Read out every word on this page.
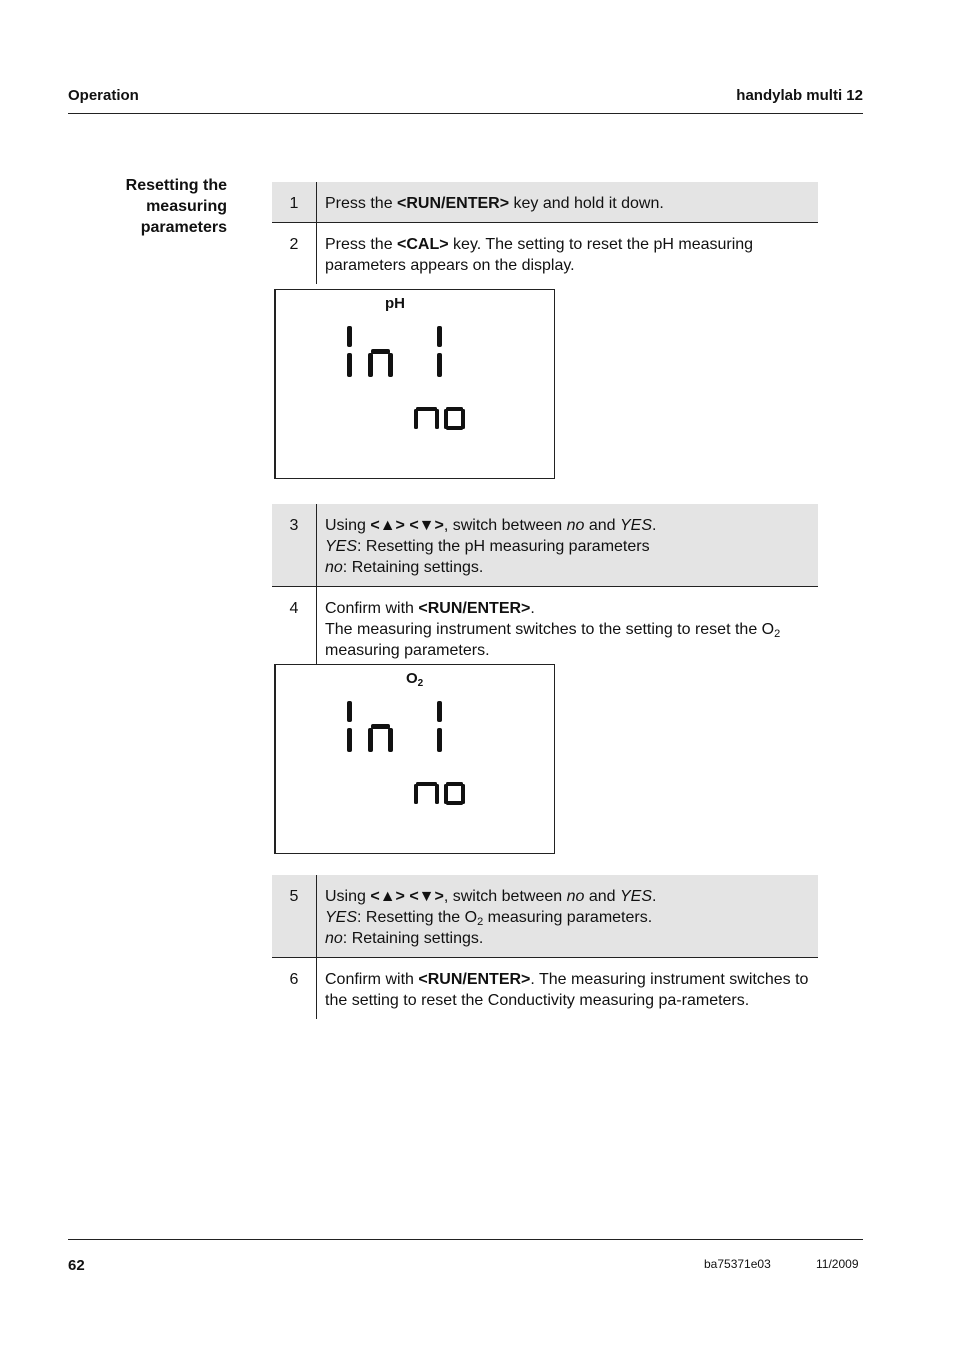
Operation	handylab multi 12
Resetting the measuring parameters
1	Press the <RUN/ENTER> key and hold it down.
2	Press the <CAL> key. The setting to reset the pH measuring parameters appears on the display.
pH
3	Using <▲> <▼>, switch between no and YES.
YES: Resetting the pH measuring parameters
no: Retaining settings.
4	Confirm with <RUN/ENTER>.
The measuring instrument switches to the setting to reset the $O_2$ measuring parameters.
$O_2$
5	Using <▲> <▼>, switch between no and YES.
YES: Resetting the $O_2$ measuring parameters.
no: Retaining settings.
6	Confirm with <RUN/ENTER>. The measuring instrument switches to the setting to reset the Conductivity measuring pa-rameters.
62	ba75371e03	11/2009
